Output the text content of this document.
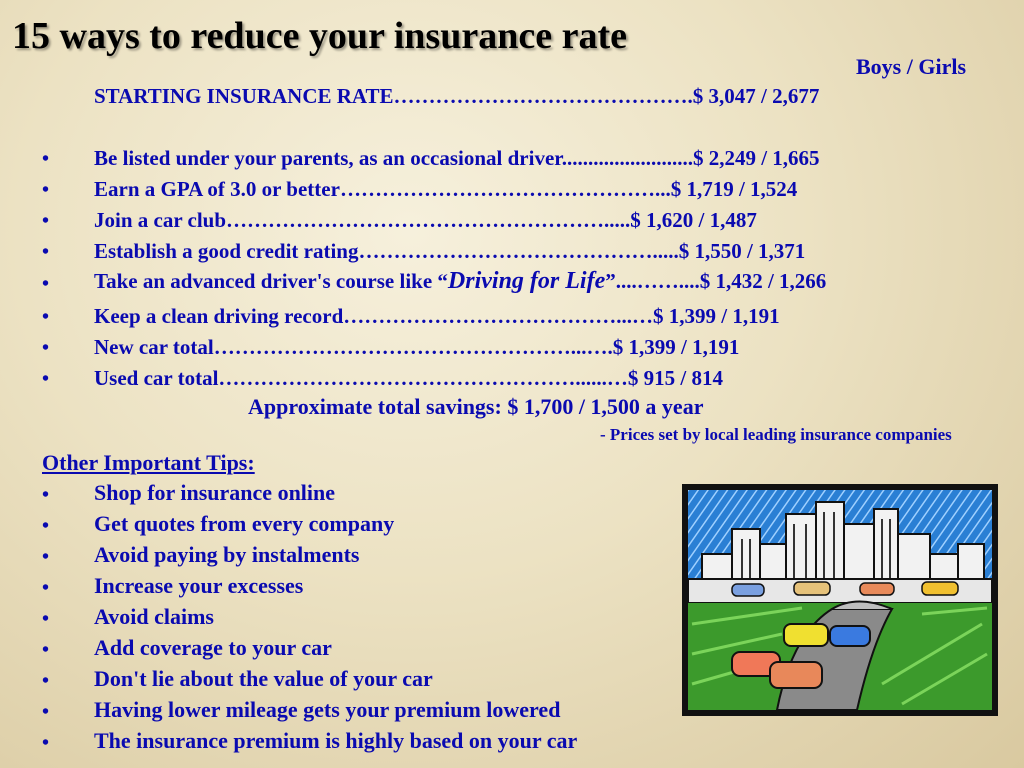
15 ways to reduce your insurance rate
Boys / Girls
STARTING INSURANCE RATE…………………………………….$ 3,047 / 2,677
• Be listed under your parents, as an occasional driver.........................$ 2,249 / 1,665
• Earn a GPA of 3.0 or better………………………………………...$ 1,719 / 1,524
• Join a car club……………………………………………….....$ 1,620 / 1,487
• Establish a good credit rating…………………………………….....$ 1,550 / 1,371
• Take an advanced driver's course like “Driving for Life”....……....$ 1,432 / 1,266
• Keep a clean driving record…………………………………...…$ 1,399 / 1,191
• New car total……………………………………………...….$ 1,399 / 1,191
• Used car total……………………………………………......…$ 915 / 814
Approximate total savings: $ 1,700 / 1,500 a year
- Prices set by local leading insurance companies
Other Important Tips:
• Shop for insurance online
• Get quotes from every company
• Avoid paying by instalments
• Increase your excesses
• Avoid claims
• Add coverage to your car
• Don't lie about the value of your car
• Having lower mileage gets your premium lowered
• The insurance premium is highly based on your car
